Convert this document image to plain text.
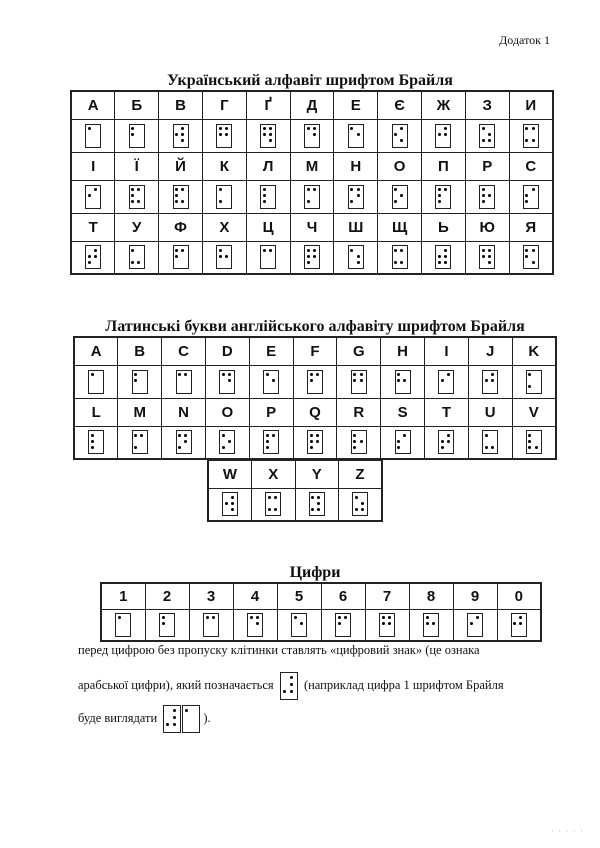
Додаток 1
Український алфавіт шрифтом Брайля
А	Б	В	Г	Ґ	Д	Е	Є	Ж	З	И

І	Ї	Й	К	Л	М	Н	О	П	Р	С

Т	У	Ф	Х	Ц	Ч	Ш	Щ	Ь	Ю	Я

Латинські букви англійського алфавіту шрифтом Брайля
A	B	C	D	E	F	G	H	I	J	K

L	M	N	O	P	Q	R	S	T	U	V

W	X	Y	Z

Цифри
1	2	3	4	5	6	7	8	9	0

перед цифрою без пропуску клітинки ставлять «цифровий знак» (це ознака
арабської цифри), який позначається (наприклад цифра 1 шрифтом Брайля
буде виглядати	).
· · · · ·
